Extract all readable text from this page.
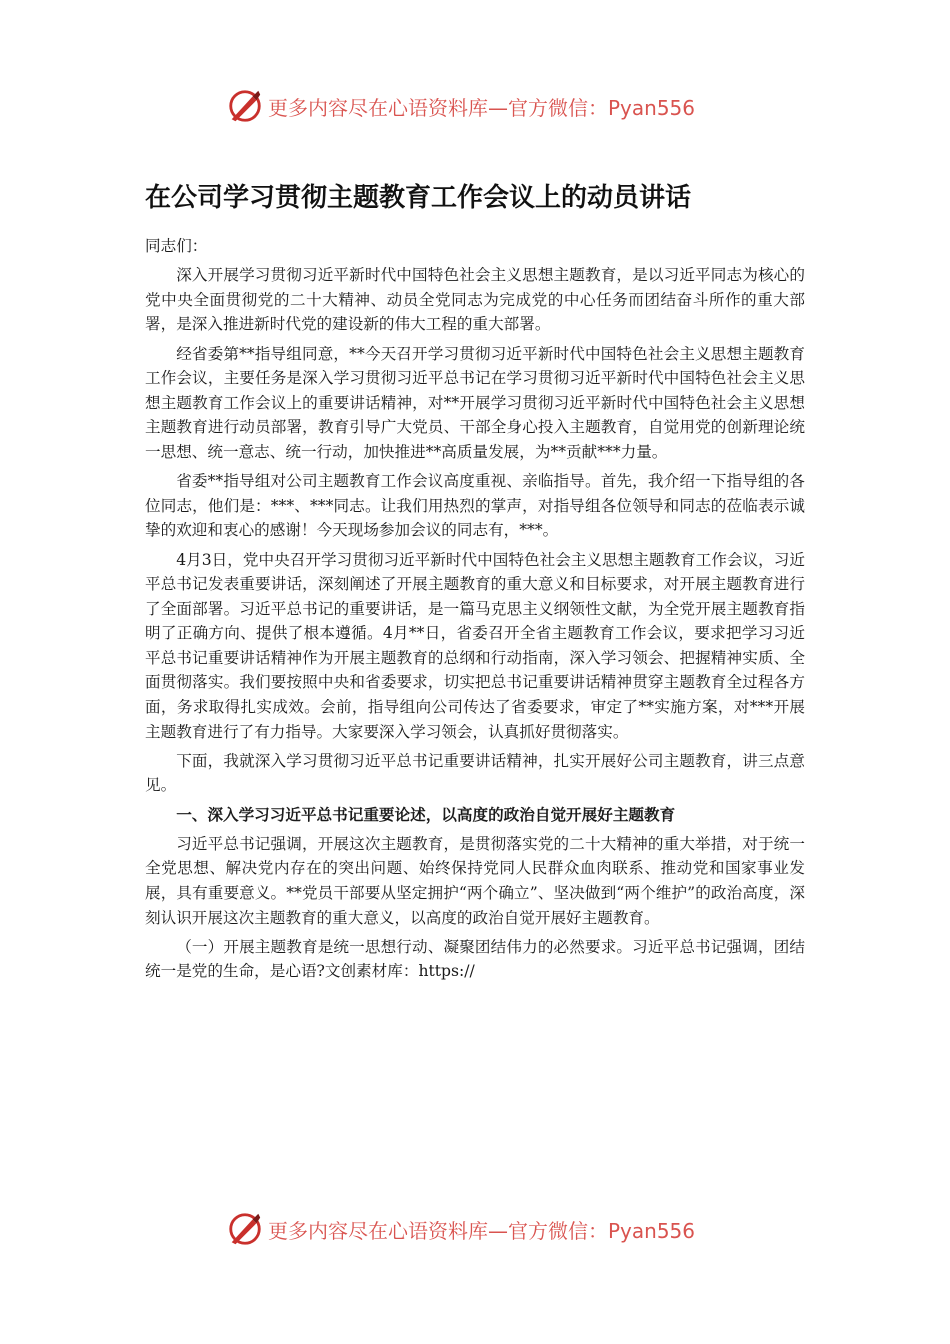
更多内容尽在心语资料库—官方微信：Pyan556
在公司学习贯彻主题教育工作会议上的动员讲话

同志们：

深入开展学习贯彻习近平新时代中国特色社会主义思想主题教育，是以习近平同志为核心的党中央全面贯彻党的二十大精神、动员全党同志为完成党的中心任务而团结奋斗所作的重大部署，是深入推进新时代党的建设新的伟大工程的重大部署。

经省委第**指导组同意，**今天召开学习贯彻习近平新时代中国特色社会主义思想主题教育工作会议，主要任务是深入学习贯彻习近平总书记在学习贯彻习近平新时代中国特色社会主义思想主题教育工作会议上的重要讲话精神，对**开展学习贯彻习近平新时代中国特色社会主义思想主题教育进行动员部署，教育引导广大党员、干部全身心投入主题教育，自觉用党的创新理论统一思想、统一意志、统一行动，加快推进**高质量发展，为**贡献***力量。

省委**指导组对公司主题教育工作会议高度重视、亲临指导。首先，我介绍一下指导组的各位同志，他们是：***、***同志。让我们用热烈的掌声，对指导组各位领导和同志的莅临表示诚挚的欢迎和衷心的感谢！今天现场参加会议的同志有，***。

4月3日，党中央召开学习贯彻习近平新时代中国特色社会主义思想主题教育工作会议，习近平总书记发表重要讲话，深刻阐述了开展主题教育的重大意义和目标要求，对开展主题教育进行了全面部署。习近平总书记的重要讲话，是一篇马克思主义纲领性文献，为全党开展主题教育指明了正确方向、提供了根本遵循。4月**日，省委召开全省主题教育工作会议，要求把学习习近平总书记重要讲话精神作为开展主题教育的总纲和行动指南，深入学习领会、把握精神实质、全面贯彻落实。我们要按照中央和省委要求，切实把总书记重要讲话精神贯穿主题教育全过程各方面，务求取得扎实成效。会前，指导组向公司传达了省委要求，审定了**实施方案，对***开展主题教育进行了有力指导。大家要深入学习领会，认真抓好贯彻落实。

下面，我就深入学习贯彻习近平总书记重要讲话精神，扎实开展好公司主题教育，讲三点意见。

一、深入学习习近平总书记重要论述，以高度的政治自觉开展好主题教育

习近平总书记强调，开展这次主题教育，是贯彻落实党的二十大精神的重大举措，对于统一全党思想、解决党内存在的突出问题、始终保持党同人民群众血肉联系、推动党和国家事业发展，具有重要意义。**党员干部要从坚定拥护“两个确立”、坚决做到“两个维护”的政治高度，深刻认识开展这次主题教育的重大意义，以高度的政治自觉开展好主题教育。

（一）开展主题教育是统一思想行动、凝聚团结伟力的必然要求。习近平总书记强调，团结统一是党的生命，是心语?文创素材库：https://

更多内容尽在心语资料库—官方微信：Pyan556
